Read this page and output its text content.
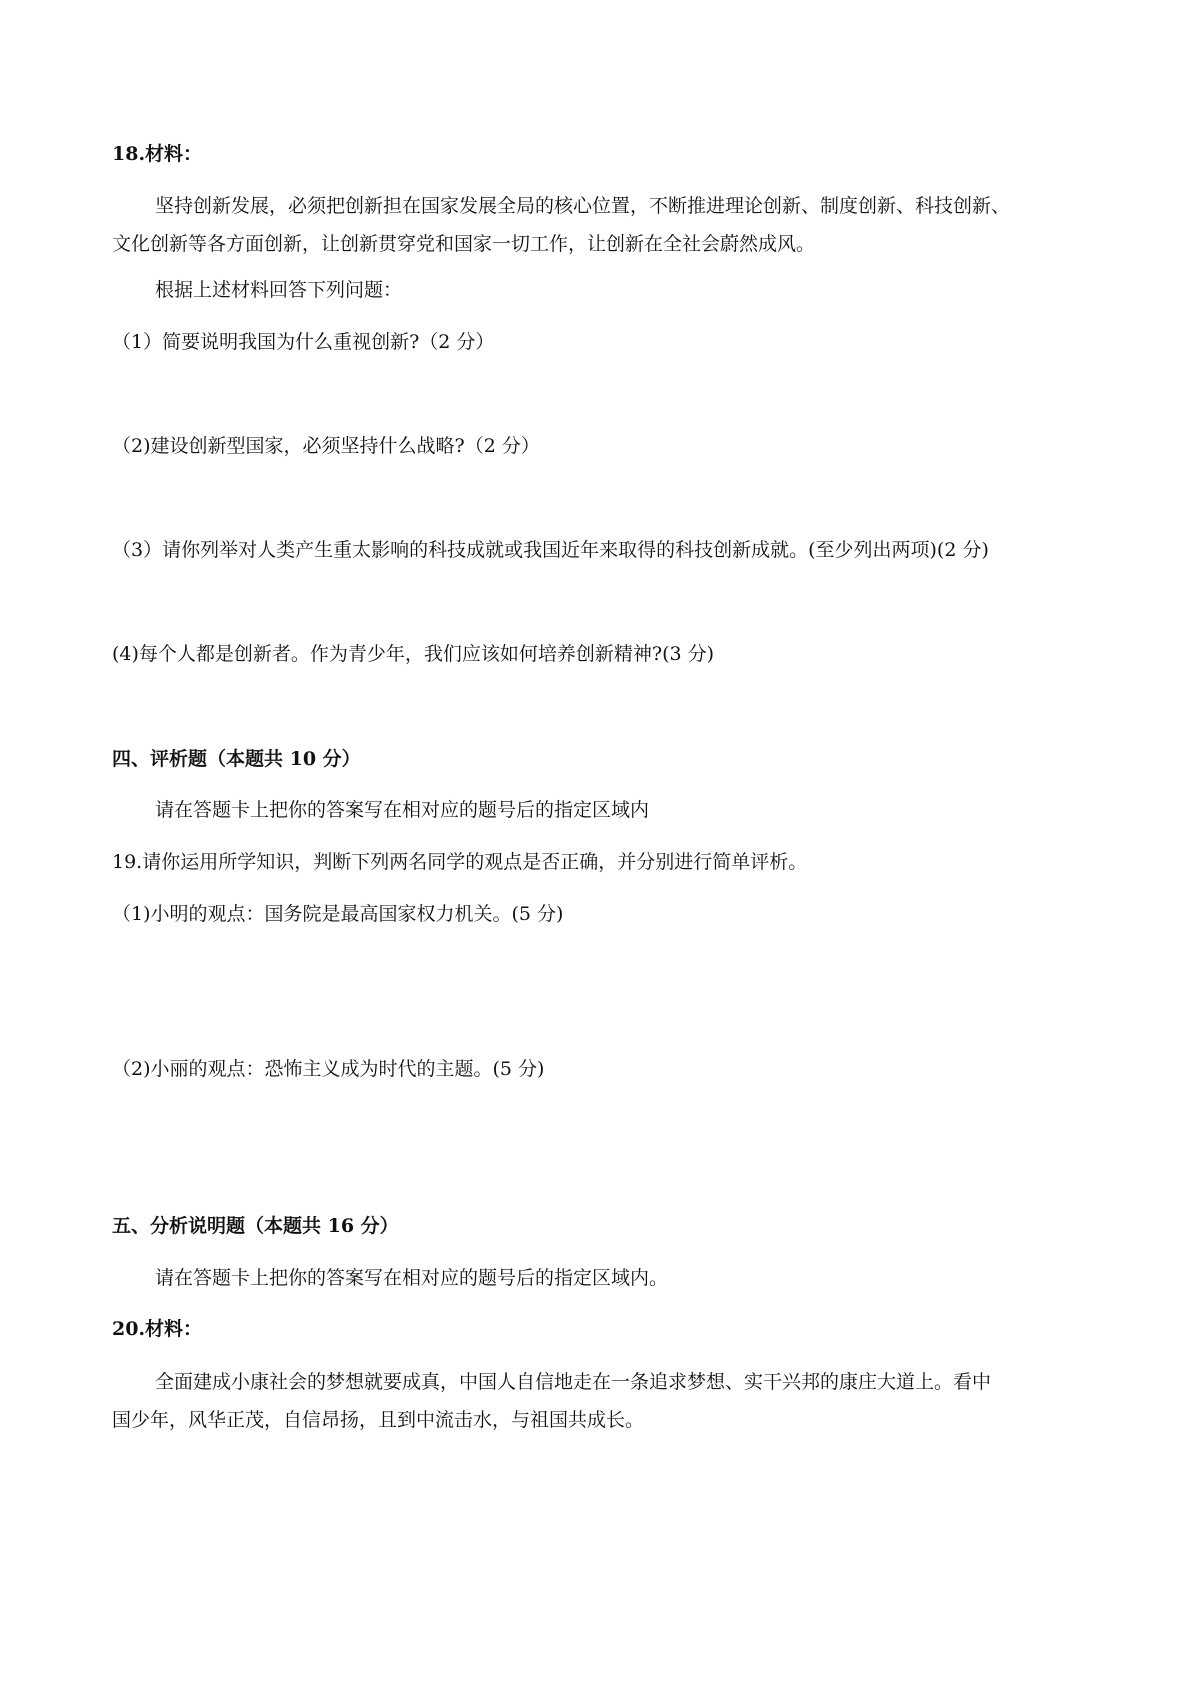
18.材料：
坚持创新发展，必须把创新担在国家发展全局的核心位置，不断推进理论创新、制度创新、科技创新、
文化创新等各方面创新，让创新贯穿党和国家一切工作，让创新在全社会蔚然成风。
根据上述材料回答下列问题：
（1）简要说明我国为什么重视创新?（2 分）
（2)建设创新型国家，必须坚持什么战略?（2 分）
（3）请你列举对人类产生重太影响的科技成就或我国近年来取得的科技创新成就。(至少列出两项)(2 分)
(4)每个人都是创新者。作为青少年，我们应该如何培养创新精神?(3 分)
四、评析题（本题共 10 分）
请在答题卡上把你的答案写在相对应的题号后的指定区域内
19.请你运用所学知识，判断下列两名同学的观点是否正确，并分别进行简单评析。
（1)小明的观点：国务院是最高国家权力机关。(5 分)
（2)小丽的观点：恐怖主义成为时代的主题。(5 分)
五、分析说明题（本题共 16 分）
请在答题卡上把你的答案写在相对应的题号后的指定区域内。
20.材料：
全面建成小康社会的梦想就要成真，中国人自信地走在一条追求梦想、实干兴邦的康庄大道上。看中
国少年，风华正茂，自信昂扬，且到中流击水，与祖国共成长。
